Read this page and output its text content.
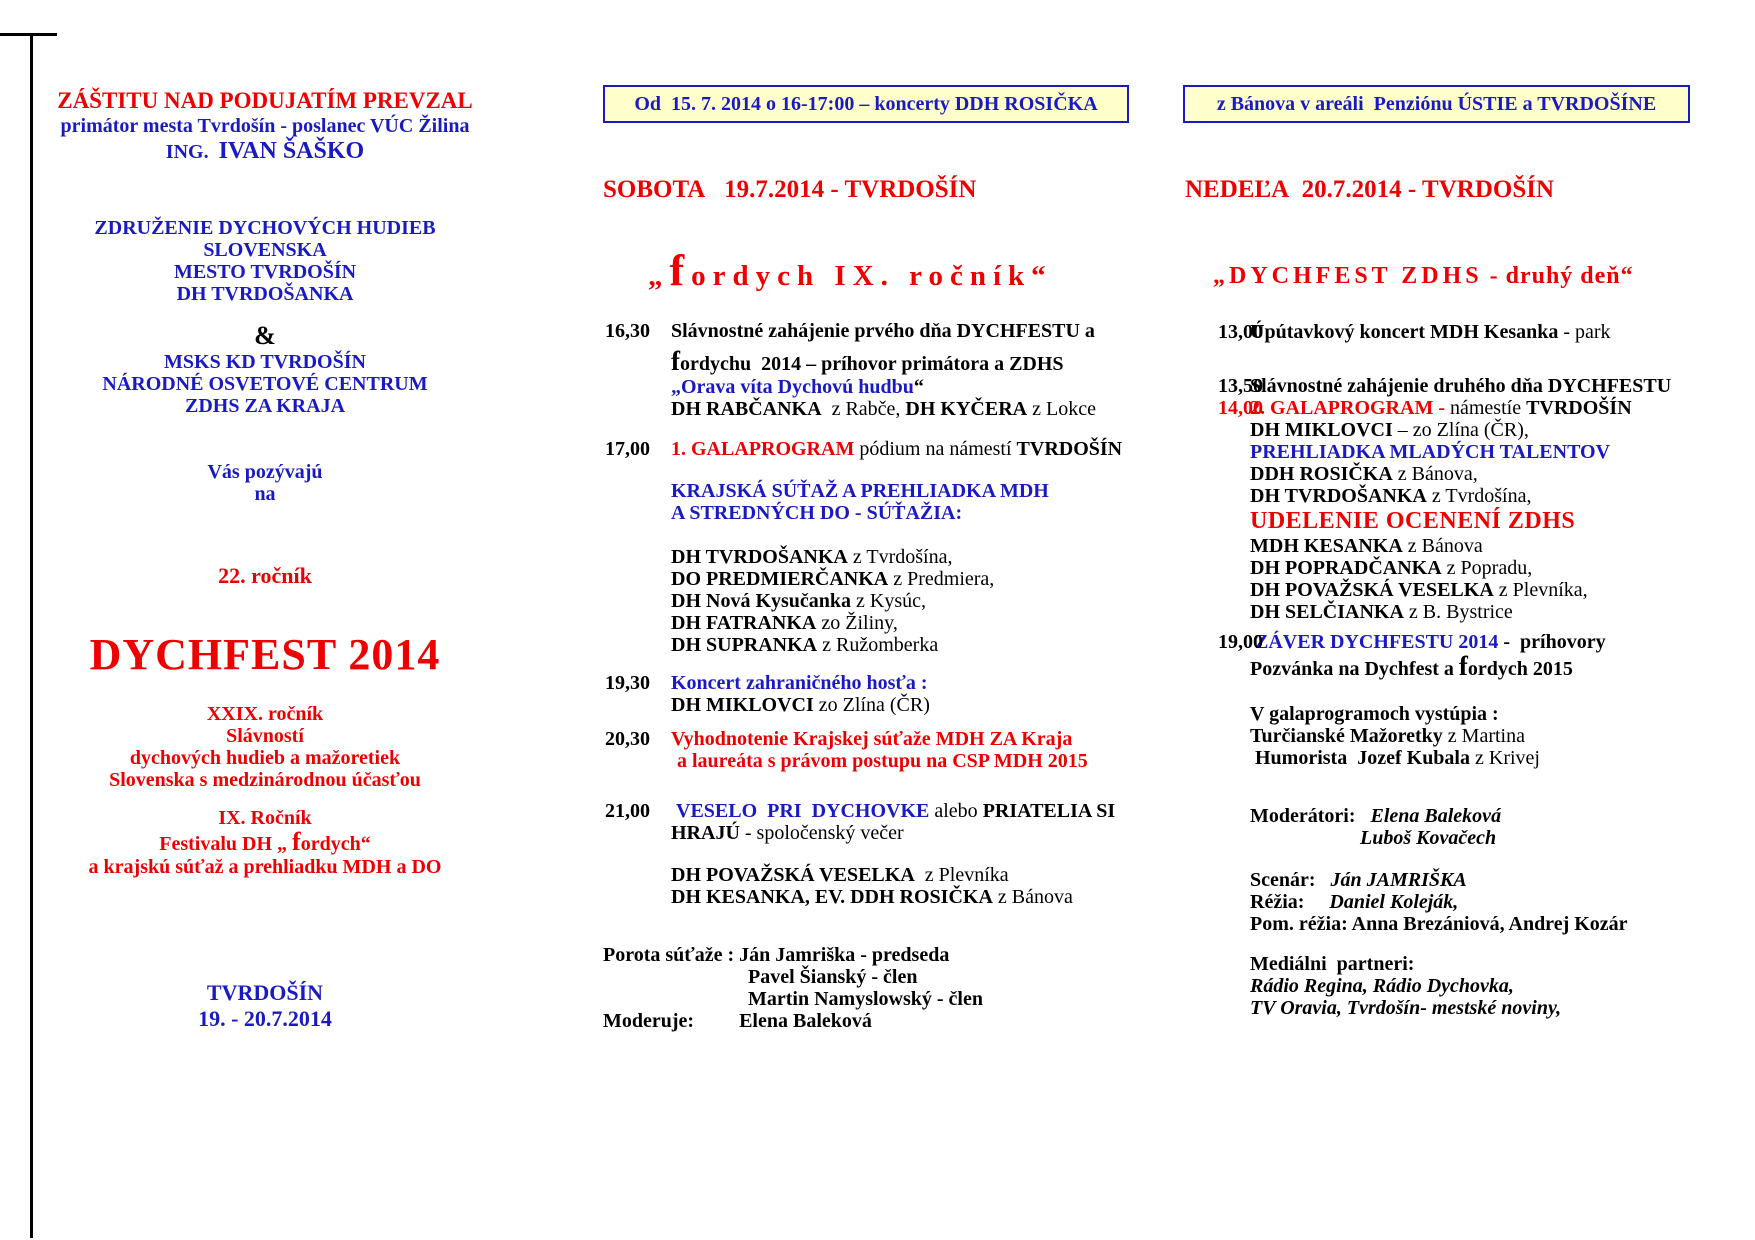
ZÁŠTITU NAD PODUJATÍM PREVZAL
primátor mesta Tvrdošín - poslanec VÚC Žilina
ING.  IVAN ŠAŠKO
ZDRUŽENIE DYCHOVÝCH HUDIEB
SLOVENSKA
MESTO TVRDOŠÍN
DH TVRDOŠANKA
&
MSKS KD TVRDOŠÍN
NÁRODNÉ OSVETOVÉ CENTRUM
ZDHS ZA KRAJA
Vás pozývajú
na
22. ročník
DYCHFEST 2014
XXIX. ročník
Slávností
dychových hudieb a mažoretiek
Slovenska s medzinárodnou účasťou
IX. Ročník
Festivalu DH „ fordych“
a krajskú súťaž a prehliadku MDH a DO
TVRDOŠÍN
19. - 20.7.2014
Od  15. 7. 2014 o 16-17:00 – koncerty DDH ROSIČKA
SOBOTA   19.7.2014 - TVRDOŠÍN
„fordych IX. ročník“
16,30 Slávnostné zahájenie prvého dňa DYCHFESTU a
fordychu  2014 – príhovor primátora a ZDHS
„Orava víta Dychovú hudbu“
DH RABČANKA  z Rabče, DH KYČERA z Lokce
17,00 1. GALAPROGRAM pódium na námestí TVRDOŠÍN
KRAJSKÁ SÚŤAŽ A PREHLIADKA MDH
A STREDNÝCH DO - SÚŤAŽIA:
DH TVRDOŠANKA z Tvrdošína,
DO PREDMIERČANKA z Predmiera,
DH Nová Kysučanka z Kysúc,
DH FATRANKA zo Žiliny,
DH SUPRANKA z Ružomberka
19,30 Koncert zahraničného hosťa :
DH MIKLOVCI zo Zlína (ČR)
20,30 Vyhodnotenie Krajskej súťaže MDH ZA Kraja
a laureáta s právom postupu na CSP MDH 2015
21,00 VESELO  PRI  DYCHOVKE alebo PRIATELIA SI
HRAJÚ - spoločenský večer
DH POVAŽSKÁ VESELKA  z Plevníka
DH KESANKA, EV. DDH ROSIČKA z Bánova
Porota súťaže : Ján Jamriška - predseda
Pavel Šianský - člen
Martin Namyslowský - člen
Moderuje: Elena Baleková
z Bánova v areáli  Penziónu ÚSTIE a TVRDOŠÍNE
NEDEĽA  20.7.2014 - TVRDOŠÍN
„DYCHFEST ZDHS - druhý deň“
13,00
Úpútavkový koncert MDH Kesanka - park
13,50
Slávnostné zahájenie druhého dňa DYCHFESTU
14,00
2. GALAPROGRAM - námestíe TVRDOŠÍN
DH MIKLOVCI – zo Zlína (ČR),
PREHLIADKA MLADÝCH TALENTOV
DDH ROSIČKA z Bánova,
DH TVRDOŠANKA z Tvrdošína,
UDELENIE OCENENÍ ZDHS
MDH KESANKA z Bánova
DH POPRADČANKA z Popradu,
DH POVAŽSKÁ VESELKA z Plevníka,
DH SELČIANKA z B. Bystrice
19,00
ZÁVER DYCHFESTU 2014 -  príhovory
Pozvánka na Dychfest a fordych 2015
V galaprogramoch vystúpia :
Turčianské Mažoretky z Martina
Humorista  Jozef Kubala z Krivej
Moderátori:   Elena Baleková
Luboš Kovačech
Scenár:   Ján JAMRIŠKA
Réžia:     Daniel Koleják,
Pom. réžia: Anna Brezániová, Andrej Kozár
Mediálni  partneri:
Rádio Regina, Rádio Dychovka,
TV Oravia, Tvrdošín- mestské noviny,
